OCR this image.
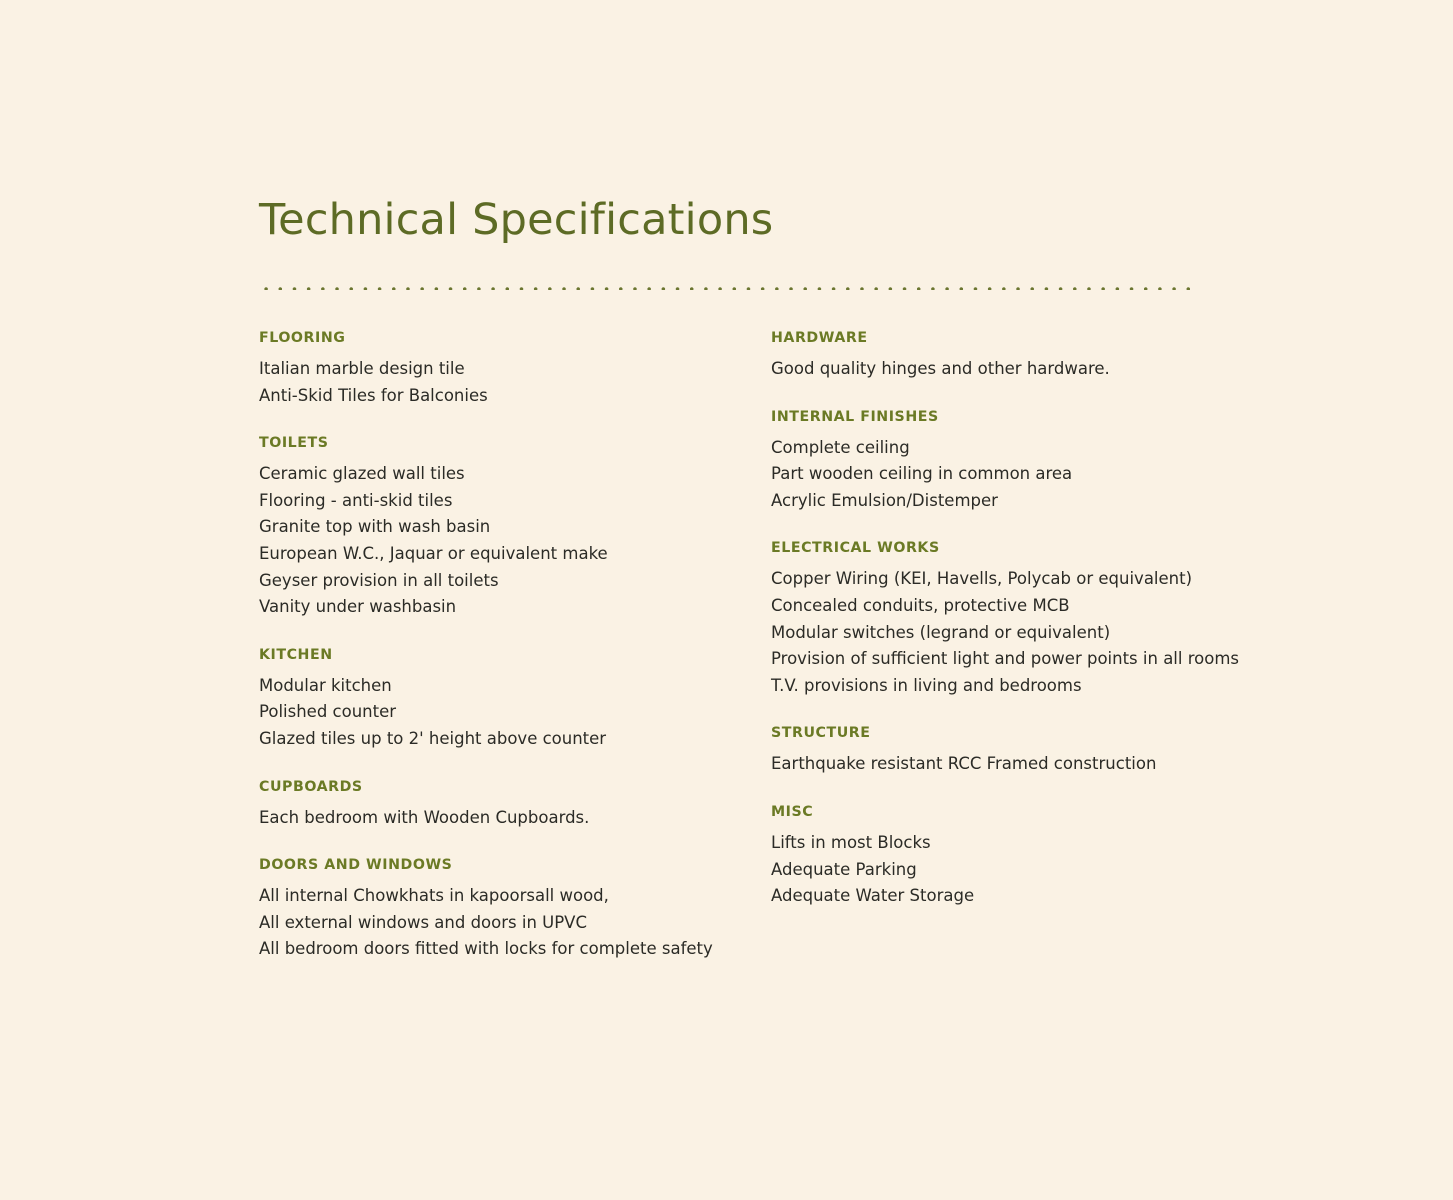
Technical Specifications
FLOORING
Italian marble design tile
Anti-Skid Tiles for Balconies
TOILETS
Ceramic glazed wall tiles
Flooring - anti-skid tiles
Granite top with wash basin
European W.C., Jaquar or equivalent make
Geyser provision in all toilets
Vanity under washbasin
KITCHEN
Modular kitchen
Polished counter
Glazed tiles up to 2' height above counter
CUPBOARDS
Each bedroom with Wooden Cupboards.
DOORS AND WINDOWS
All internal Chowkhats in kapoorsall wood,
All external windows and doors in UPVC
All bedroom doors fitted with locks for complete safety
HARDWARE
Good quality hinges and other hardware.
INTERNAL FINISHES
Complete ceiling
Part wooden ceiling in common area
Acrylic Emulsion/Distemper
ELECTRICAL WORKS
Copper Wiring (KEI, Havells, Polycab or equivalent)
Concealed conduits, protective MCB
Modular switches (legrand or equivalent)
Provision of sufficient light and power points in all rooms
T.V. provisions in living and bedrooms
STRUCTURE
Earthquake resistant RCC Framed construction
MISC
Lifts in most Blocks
Adequate Parking
Adequate Water Storage
